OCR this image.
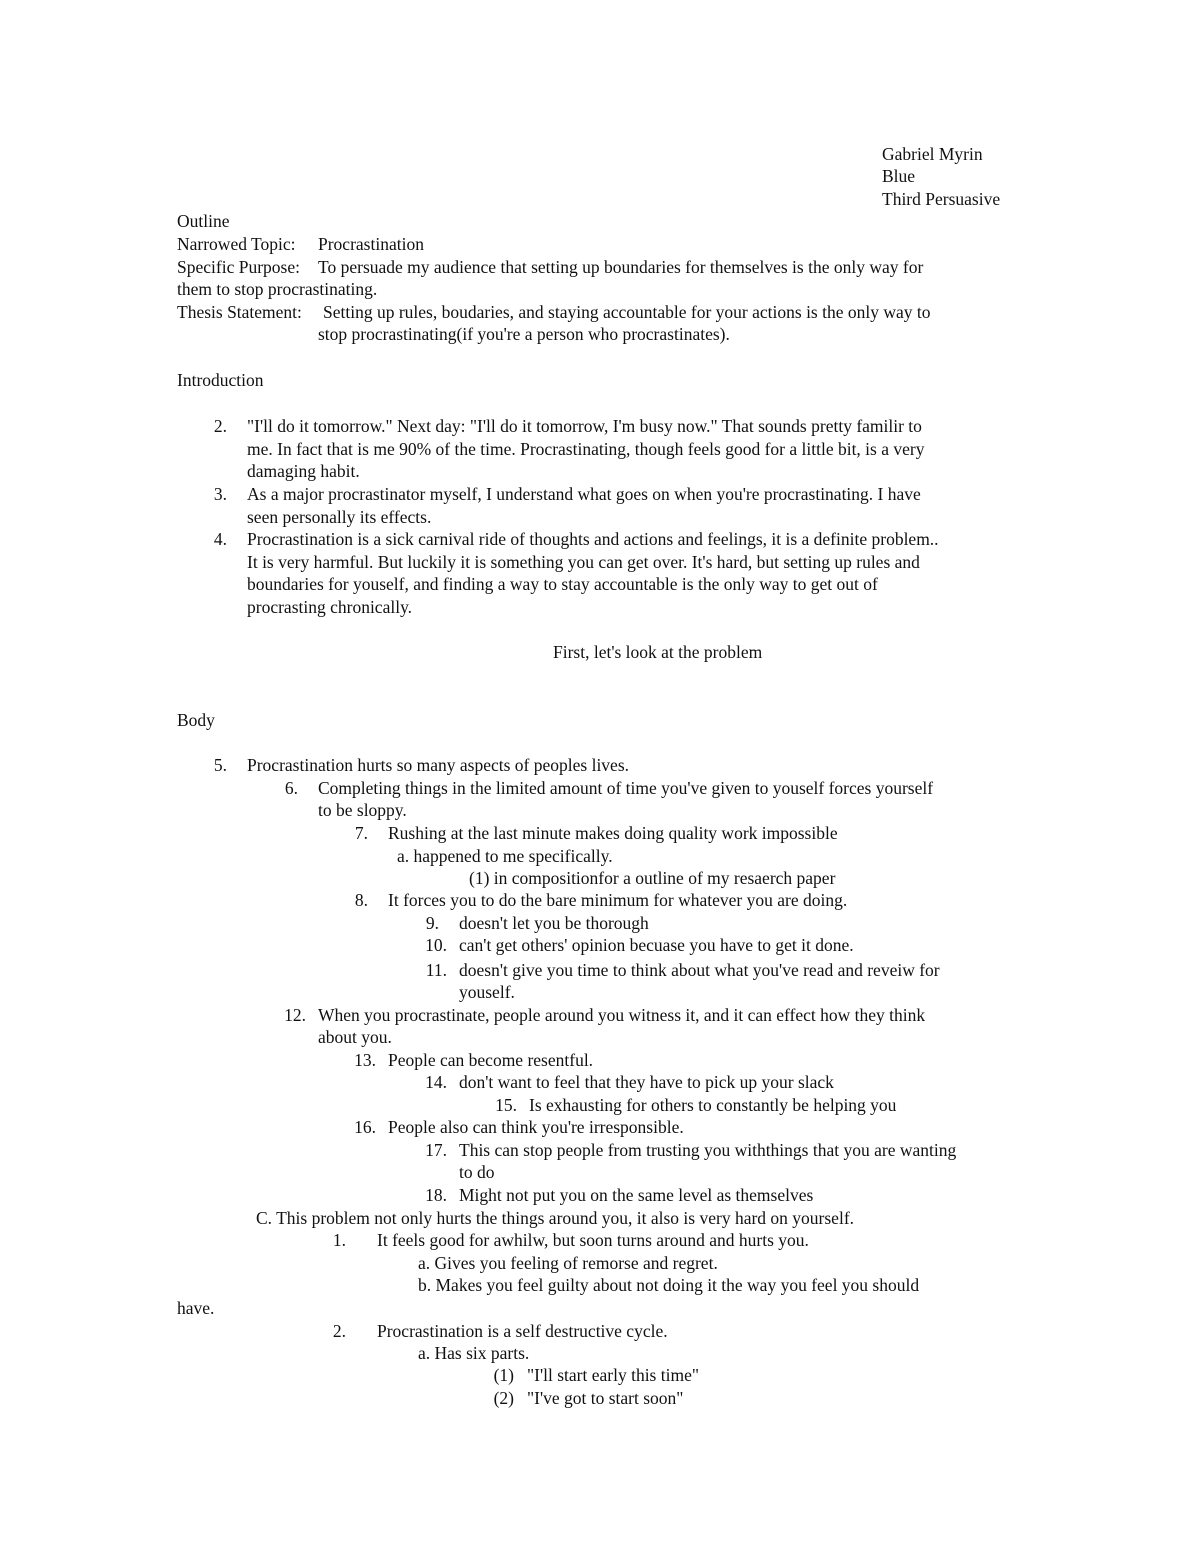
Gabriel Myrin
Blue
Third Persuasive
Outline
Narrowed Topic: Procrastination
Specific Purpose: To persuade my audience that setting up boundaries for themselves is the only way for
them to stop procrastinating.
Thesis Statement: Setting up rules, boudaries, and staying accountable for your actions is the only way to
stop procrastinating(if you're a person who procrastinates).
Introduction
2. "I'll do it tomorrow." Next day: "I'll do it tomorrow, I'm busy now." That sounds pretty familir to
me. In fact that is me 90% of the time. Procrastinating, though feels good for a little bit, is a very
damaging habit.
3. As a major procrastinator myself, I understand what goes on when you're procrastinating. I have
seen personally its effects.
4. Procrastination is a sick carnival ride of thoughts and actions and feelings, it is a definite problem..
It is very harmful. But luckily it is something you can get over. It's hard, but setting up rules and
boundaries for youself, and finding a way to stay accountable is the only way to get out of
procrasting chronically.
First, let's look at the problem
Body
5. Procrastination hurts so many aspects of peoples lives.
6. Completing things in the limited amount of time you've given to youself forces yourself
to be sloppy.
7. Rushing at the last minute makes doing quality work impossible
a. happened to me specifically.
(1) in compositionfor a outline of my resaerch paper
8. It forces you to do the bare minimum for whatever you are doing.
9. doesn't let you be thorough
10. can't get others' opinion becuase you have to get it done.
11. doesn't give you time to think about what you've read and reveiw for
youself.
12. When you procrastinate, people around you witness it, and it can effect how they think
about you.
13. People can become resentful.
14. don't want to feel that they have to pick up your slack
15. Is exhausting for others to constantly be helping you
16. People also can think you're irresponsible.
17. This can stop people from trusting you withthings that you are wanting
to do
18. Might not put you on the same level as themselves
C. This problem not only hurts the things around you, it also is very hard on yourself.
1. It feels good for awhilw, but soon turns around and hurts you.
a. Gives you feeling of remorse and regret.
b. Makes you feel guilty about not doing it the way you feel you should
have.
2. Procrastination is a self destructive cycle.
a. Has six parts.
(1) "I'll start early this time"
(2) "I've got to start soon"
